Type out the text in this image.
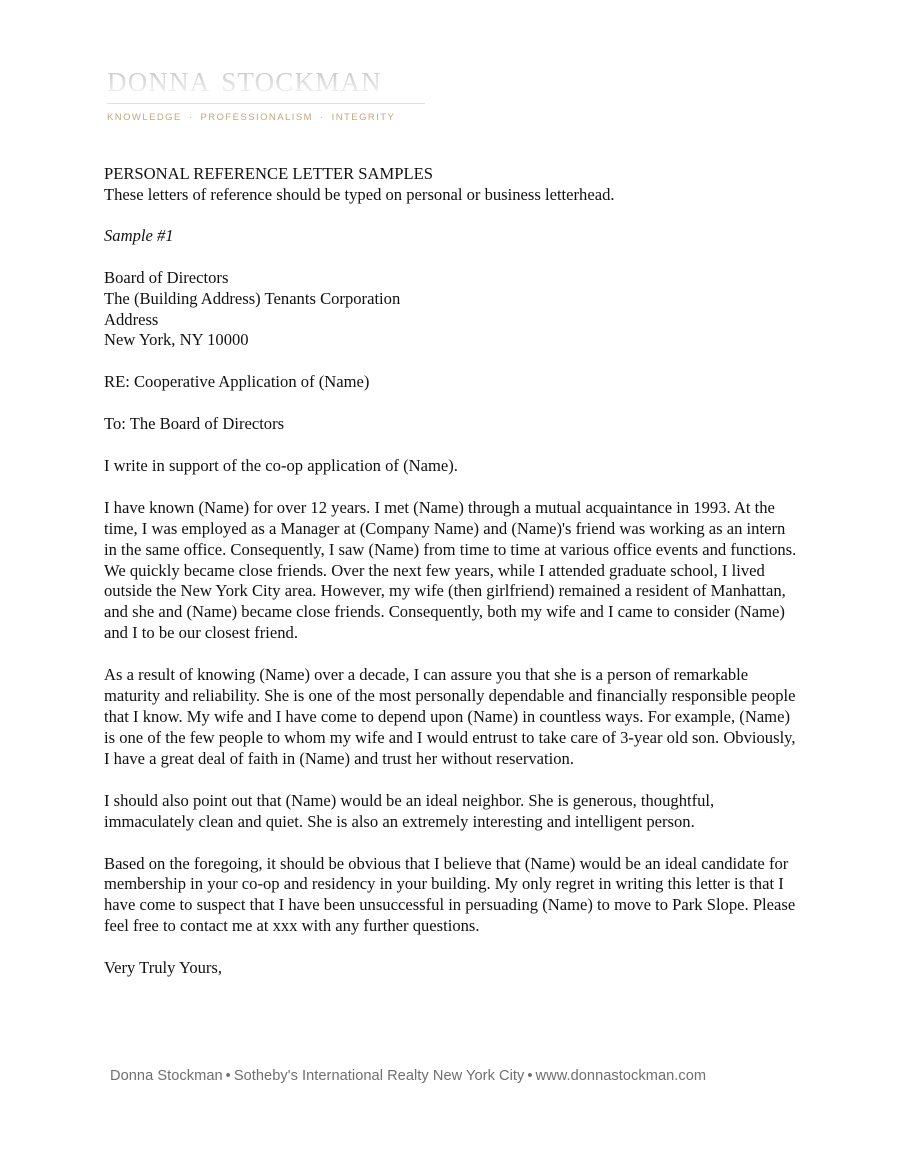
donna stockman
KNOWLEDGE · PROFESSIONALISM · INTEGRITY
PERSONAL REFERENCE LETTER SAMPLES
These letters of reference should be typed on personal or business letterhead.
Sample #1
Board of Directors
The (Building Address) Tenants Corporation
Address
New York, NY 10000
RE: Cooperative Application of (Name)
To: The Board of Directors
I write in support of the co-op application of (Name).

I have known (Name) for over 12 years. I met (Name) through a mutual acquaintance in 1993. At the time, I was employed as a Manager at (Company Name) and (Name)'s friend was working as an intern in the same office. Consequently, I saw (Name) from time to time at various office events and functions. We quickly became close friends. Over the next few years, while I attended graduate school, I lived outside the New York City area. However, my wife (then girlfriend) remained a resident of Manhattan, and she and (Name) became close friends. Consequently, both my wife and I came to consider (Name) and I to be our closest friend.

As a result of knowing (Name) over a decade, I can assure you that she is a person of remarkable maturity and reliability. She is one of the most personally dependable and financially responsible people that I know. My wife and I have come to depend upon (Name) in countless ways. For example, (Name) is one of the few people to whom my wife and I would entrust to take care of 3-year old son. Obviously, I have a great deal of faith in (Name) and trust her without reservation.

I should also point out that (Name) would be an ideal neighbor. She is generous, thoughtful, immaculately clean and quiet. She is also an extremely interesting and intelligent person.

Based on the foregoing, it should be obvious that I believe that (Name) would be an ideal candidate for membership in your co-op and residency in your building. My only regret in writing this letter is that I have come to suspect that I have been unsuccessful in persuading (Name) to move to Park Slope. Please feel free to contact me at xxx with any further questions.

Very Truly Yours,
Donna Stockman • Sotheby's International Realty New York City • www.donnastockman.com
